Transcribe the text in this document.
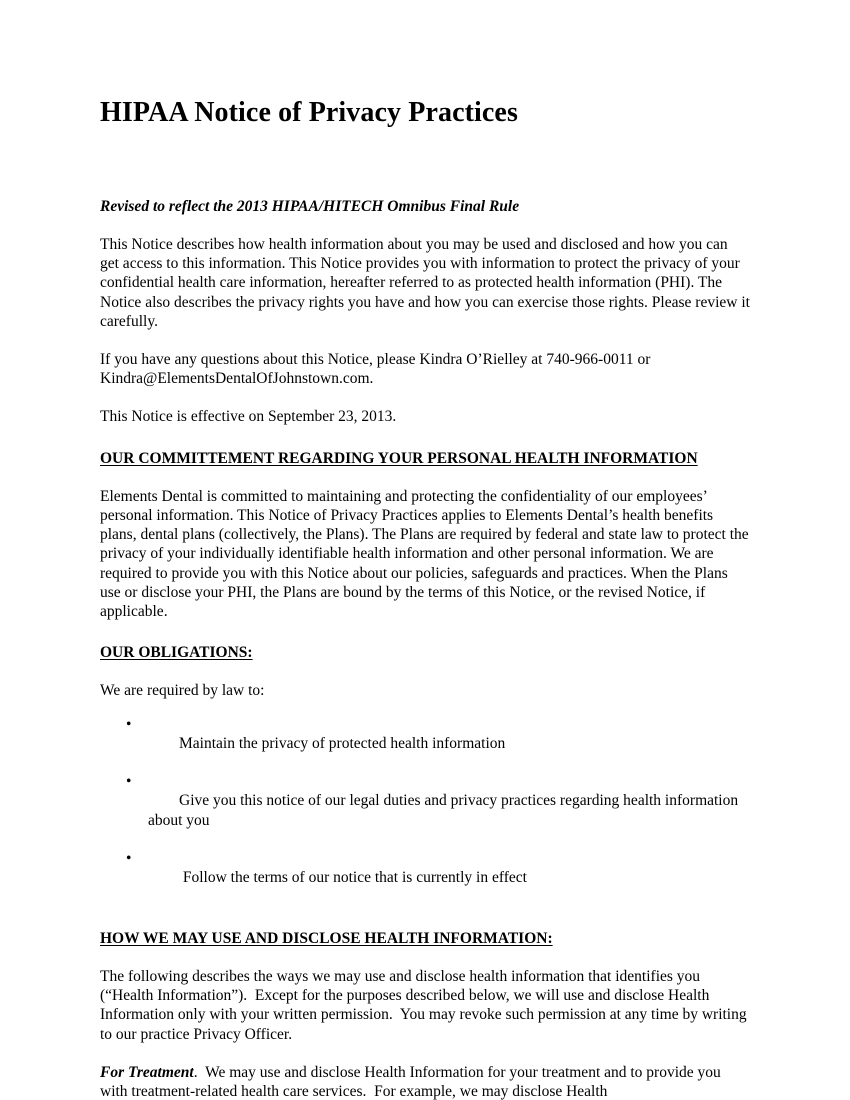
HIPAA Notice of Privacy Practices

Revised to reflect the 2013 HIPAA/HITECH Omnibus Final Rule

This Notice describes how health information about you may be used and disclosed and how you can get access to this information. This Notice provides you with information to protect the privacy of your confidential health care information, hereafter referred to as protected health information (PHI). The Notice also describes the privacy rights you have and how you can exercise those rights. Please review it carefully.

If you have any questions about this Notice, please Kindra O’Rielley at 740-966-0011 or Kindra@ElementsDentalOfJohnstown.com.

This Notice is effective on September 23, 2013.

OUR COMMITTEMENT REGARDING YOUR PERSONAL HEALTH INFORMATION

Elements Dental is committed to maintaining and protecting the confidentiality of our employees’ personal information. This Notice of Privacy Practices applies to Elements Dental’s health benefits plans, dental plans (collectively, the Plans). The Plans are required by federal and state law to protect the privacy of your individually identifiable health information and other personal information. We are required to provide you with this Notice about our policies, safeguards and practices. When the Plans use or disclose your PHI, the Plans are bound by the terms of this Notice, or the revised Notice, if applicable.

OUR OBLIGATIONS:

We are required by law to:

•
Maintain the privacy of protected health information

•
Give you this notice of our legal duties and privacy practices regarding health information about you

•
Follow the terms of our notice that is currently in effect

HOW WE MAY USE AND DISCLOSE HEALTH INFORMATION:

The following describes the ways we may use and disclose health information that identifies you (“Health Information”).  Except for the purposes described below, we will use and disclose Health Information only with your written permission.  You may revoke such permission at any time by writing to our practice Privacy Officer.

For Treatment.  We may use and disclose Health Information for your treatment and to provide you with treatment-related health care services.  For example, we may disclose Health
